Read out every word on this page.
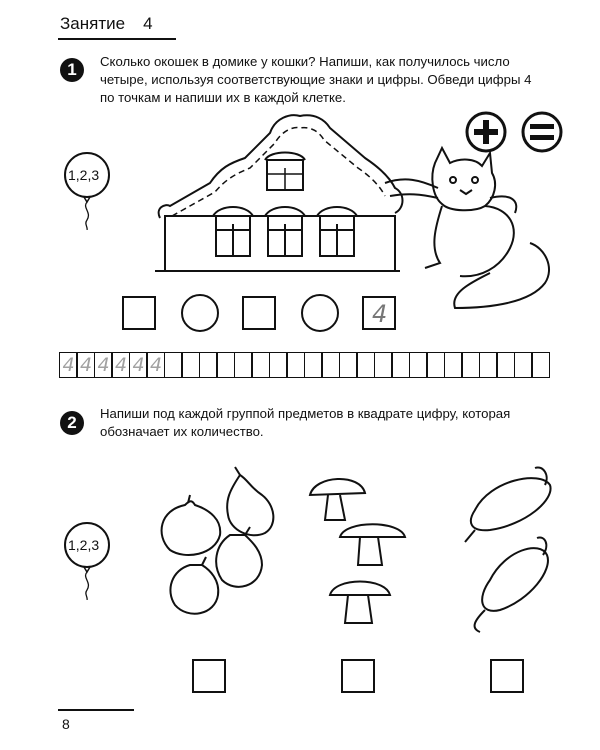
Занятие 4
1	Сколько окошек в домике у кошки? Напиши, как получилось число
четыре, используя соответствующие знаки и цифры. Обведи цифры 4
по точкам и напиши их в каждой клетке.
1,2,3
4
4 4 4 4 4 4
2	Напиши под каждой группой предметов в квадрате цифру, которая
обозначает их количество.
1,2,3
8
